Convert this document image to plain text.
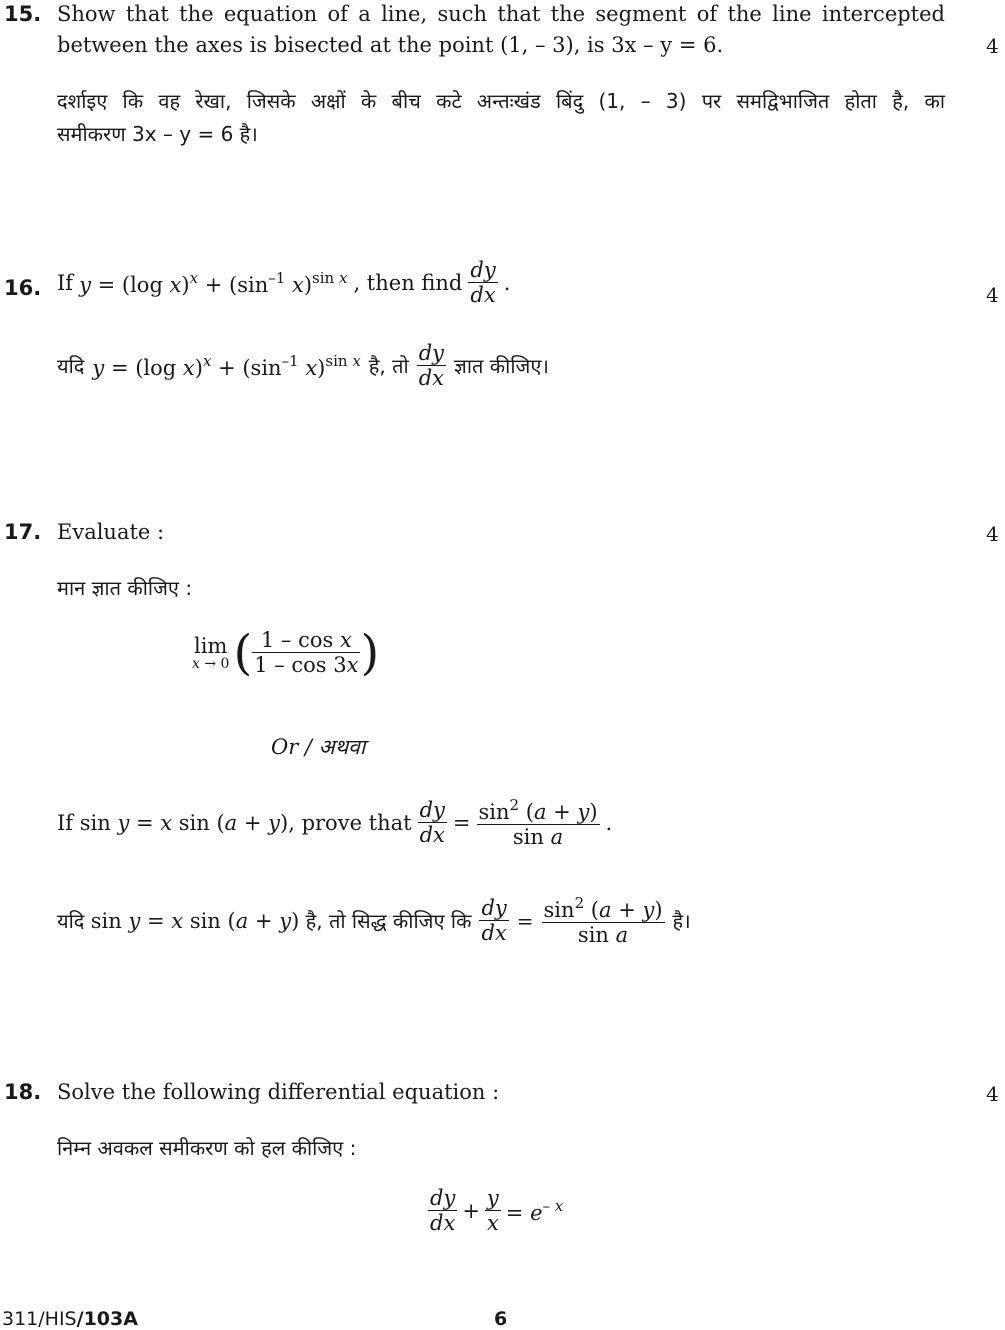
15.
4
Show that the equation of a line, such that the segment of the line intercepted
between the axes is bisected at the point (1, – 3), is 3x – y = 6.
दर्शाइए कि वह रेखा, जिसके अक्षों के बीच कटे अन्तःखंड बिंदु (1, – 3) पर समद्विभाजित होता है, का
समीकरण 3x – y = 6 है।
16.	4
If y = (log $x)^x + (\sin^{-1}$ x)$^{sin x}$ , then find $\frac{dy}{dx}$ .
यदि y = (log $x)^x + (\sin^{-1}$ x)$^{sin x}$ है, तो $\frac{dy}{dx}$ ज्ञात कीजिए।
17.	4
Evaluate :
मान ज्ञात कीजिए :
lim
x → 0 ( $\frac{\text{1 – cos x}}{1 - \cos 3x}$ )
Or / अथवा
If sin y = x sin (a + y), prove that $\frac{dy}{dx} = \frac{\sin^2 (a + y)}{\text{sin a}}$ .
यदि sin y = x sin (a + y) है, तो सिद्ध कीजिए कि $\frac{dy}{dx} = \frac{\sin^2 (a + y)}{\text{sin a}}$ है।
18.	4
Solve the following differential equation :
निम्न अवकल समीकरण को हल कीजिए :
$\frac{dy}{dx} + \frac{y}{x} = e^{- x}$
311/HIS/103A	6
